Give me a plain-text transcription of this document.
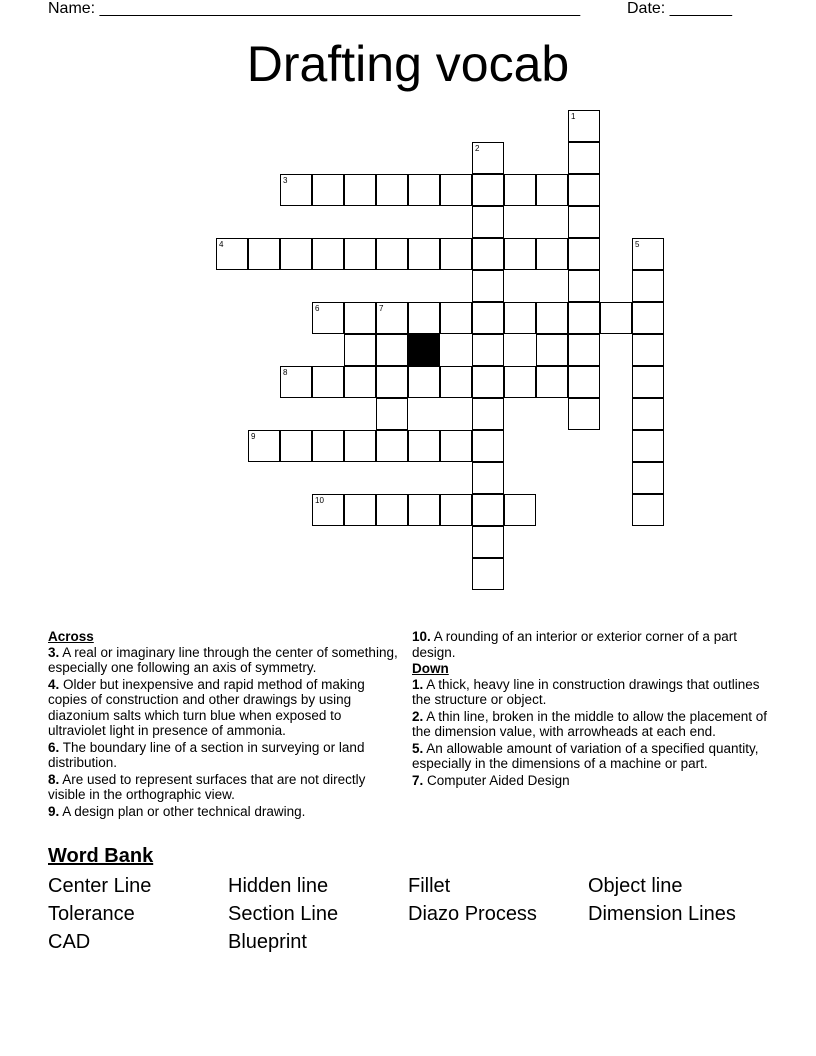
Name: ______________________________________________________	Date: _______
Drafting vocab
1
2
3
4	5
6	7
8
9
10
Across
3. A real or imaginary line through the center of something, especially one following an axis of symmetry.
4. Older but inexpensive and rapid method of making copies of construction and other drawings by using diazonium salts which turn blue when exposed to ultraviolet light in presence of ammonia.
6. The boundary line of a section in surveying or land distribution.
8. Are used to represent surfaces that are not directly visible in the orthographic view.
9. A design plan or other technical drawing.
10. A rounding of an interior or exterior corner of a part design.
Down
1. A thick, heavy line in construction drawings that outlines the structure or object.
2. A thin line, broken in the middle to allow the placement of the dimension value, with arrowheads at each end.
5. An allowable amount of variation of a specified quantity, especially in the dimensions of a machine or part.
7. Computer Aided Design
Word Bank
Center Line	Hidden line	Fillet	Object line
Tolerance	Section Line	Diazo Process	Dimension Lines
CAD	Blueprint
